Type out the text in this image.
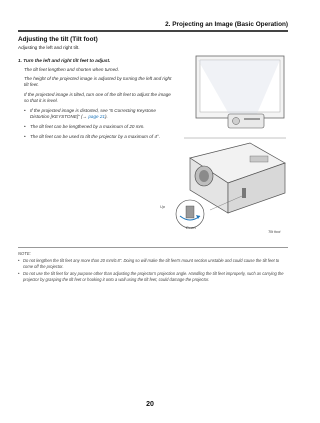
2. Projecting an Image (Basic Operation)
Adjusting the tilt (Tilt foot)
Adjusting the left and right tilt.
1. Turn the left and right tilt feet to adjust.
The tilt feet lengthen and shorten when turned.
The height of the projected image is adjusted by turning the left and right tilt feet.
If the projected image is tilted, turn one of the tilt feet to adjust the image so that it is level.
• If the projected image is distorted, see “6 Correcting Keystone Distortion [KEYSTONE]” (→ page 21).
• The tilt feet can be lengthened by a maximum of 20 mm.
• The tilt feet can be used to tilt the projector by a maximum of 4°.
Up
Down
Tilt foot
NOTE:
• Do not lengthen the tilt feet any more than 20 mm/0.8". Doing so will make the tilt feet's mount section unstable and could cause the tilt feet to come off the projector.
• Do not use the tilt feet for any purpose other than adjusting the projector's projection angle. Handling the tilt feet improperly, such as carrying the projector by grasping the tilt feet or hooking it onto a wall using the tilt feet, could damage the projector.
20
